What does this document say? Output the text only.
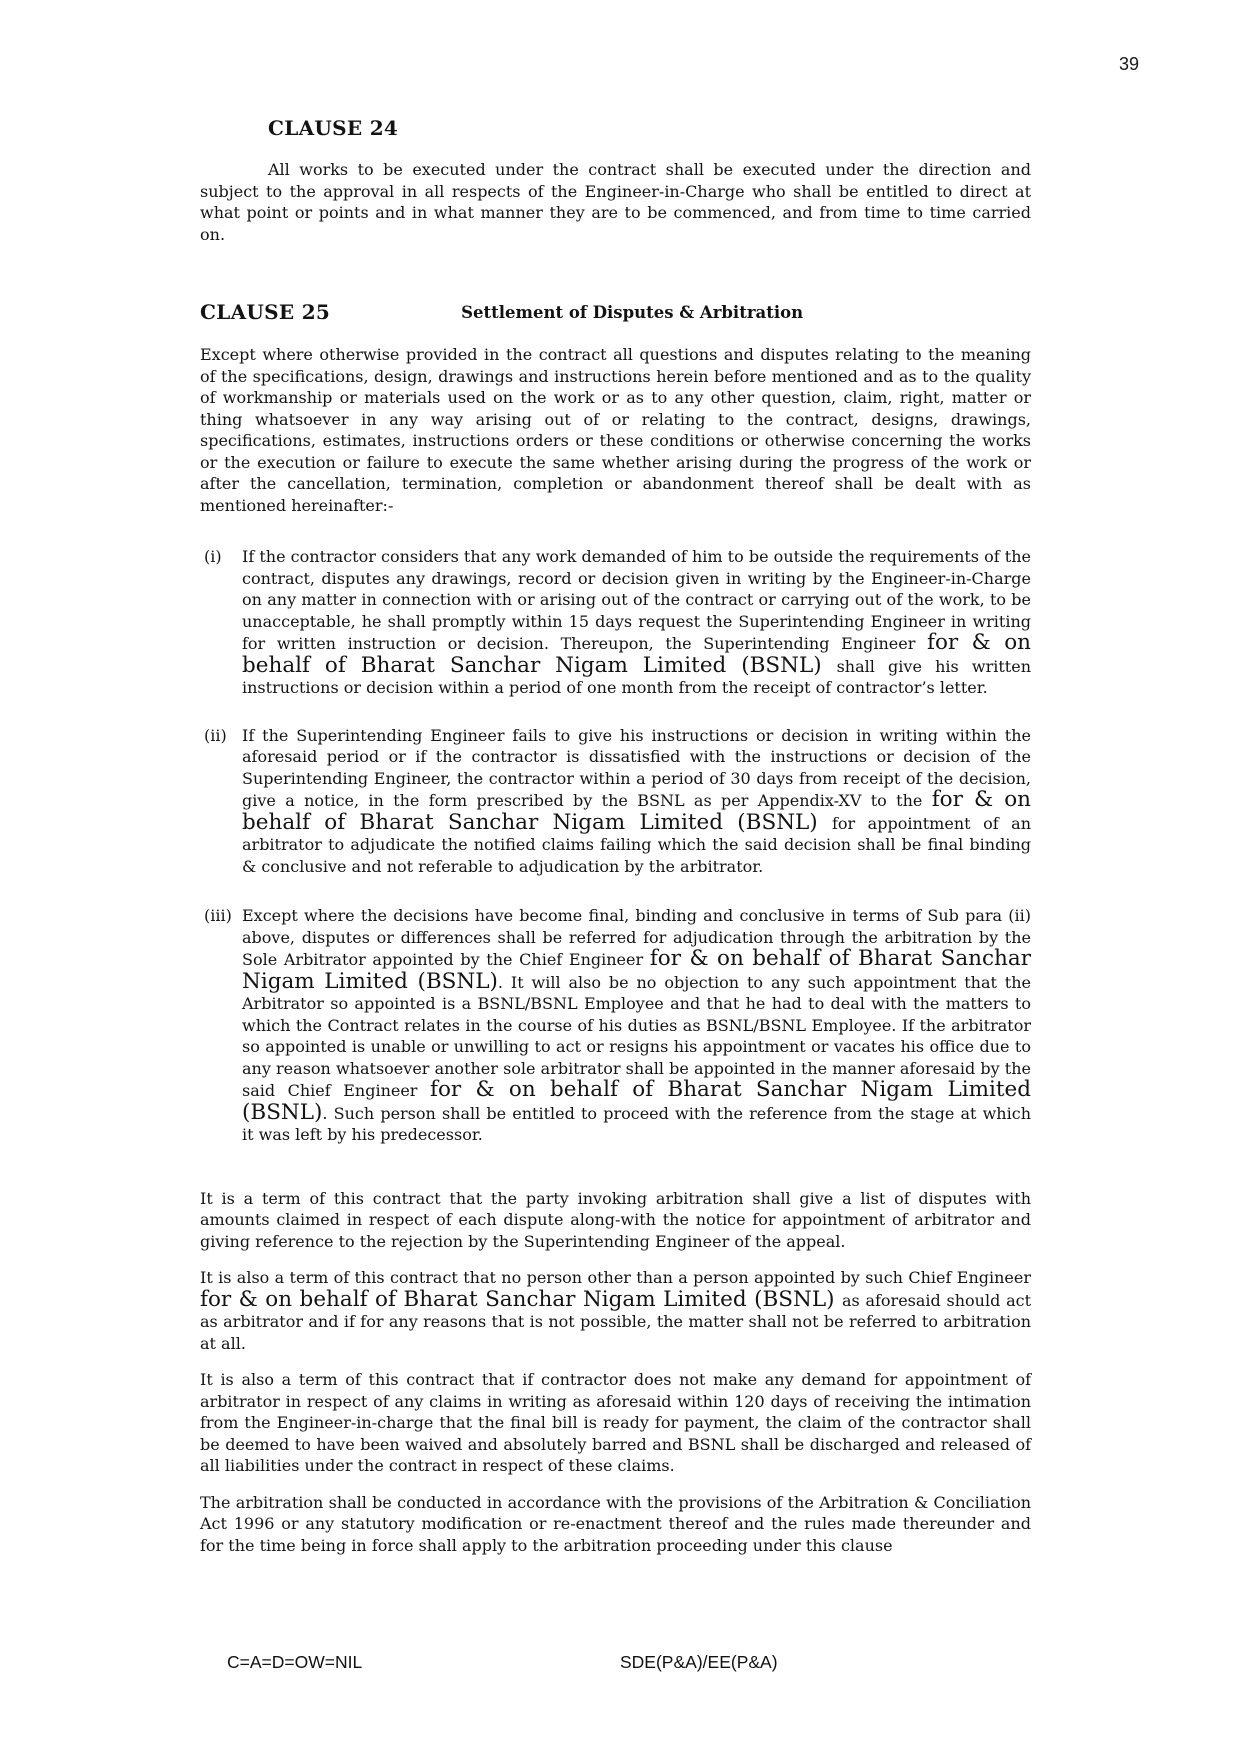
39
CLAUSE 24

All works to be executed under the contract shall be executed under the direction and subject to the approval in all respects of the Engineer-in-Charge who shall be entitled to direct at what point or points and in what manner they are to be commenced, and from time to time carried on.

CLAUSE 25	Settlement of Disputes & Arbitration

Except where otherwise provided in the contract all questions and disputes relating to the meaning of the specifications, design, drawings and instructions herein before mentioned and as to the quality of workmanship or materials used on the work or as to any other question, claim, right, matter or thing whatsoever in any way arising out of or relating to the contract, designs, drawings, specifications, estimates, instructions orders or these conditions or otherwise concerning the works or the execution or failure to execute the same whether arising during the progress of the work or after the cancellation, termination, completion or abandonment thereof shall be dealt with as mentioned hereinafter:-

(i)	If the contractor considers that any work demanded of him to be outside the requirements of the contract, disputes any drawings, record or decision given in writing by the Engineer-in-Charge on any matter in connection with or arising out of the contract or carrying out of the work, to be unacceptable, he shall promptly within 15 days request the Superintending Engineer in writing for written instruction or decision. Thereupon, the Superintending Engineer for & on behalf of Bharat Sanchar Nigam Limited (BSNL) shall give his written instructions or decision within a period of one month from the receipt of contractor’s letter.
(ii) If the Superintending Engineer fails to give his instructions or decision in writing within the aforesaid period or if the contractor is dissatisfied with the instructions or decision of the Superintending Engineer, the contractor within a period of 30 days from receipt of the decision, give a notice, in the form prescribed by the BSNL as per Appendix-XV to the for & on behalf of Bharat Sanchar Nigam Limited (BSNL) for appointment of an arbitrator to adjudicate the notified claims failing which the said decision shall be final binding & conclusive and not referable to adjudication by the arbitrator.
(iii) Except where the decisions have become final, binding and conclusive in terms of Sub para (ii) above, disputes or differences shall be referred for adjudication through the arbitration by the Sole Arbitrator appointed by the Chief Engineer for & on behalf of Bharat Sanchar Nigam Limited (BSNL). It will also be no objection to any such appointment that the Arbitrator so appointed is a BSNL/BSNL Employee and that he had to deal with the matters to which the Contract relates in the course of his duties as BSNL/BSNL Employee. If the arbitrator so appointed is unable or unwilling to act or resigns his appointment or vacates his office due to any reason whatsoever another sole arbitrator shall be appointed in the manner aforesaid by the said Chief Engineer for & on behalf of Bharat Sanchar Nigam Limited (BSNL). Such person shall be entitled to proceed with the reference from the stage at which it was left by his predecessor.

It is a term of this contract that the party invoking arbitration shall give a list of disputes with amounts claimed in respect of each dispute along-with the notice for appointment of arbitrator and giving reference to the rejection by the Superintending Engineer of the appeal.

It is also a term of this contract that no person other than a person appointed by such Chief Engineer for & on behalf of Bharat Sanchar Nigam Limited (BSNL) as aforesaid should act as arbitrator and if for any reasons that is not possible, the matter shall not be referred to arbitration at all.

It is also a term of this contract that if contractor does not make any demand for appointment of arbitrator in respect of any claims in writing as aforesaid within 120 days of receiving the intimation from the Engineer-in-charge that the final bill is ready for payment, the claim of the contractor shall be deemed to have been waived and absolutely barred and BSNL shall be discharged and released of all liabilities under the contract in respect of these claims.

The arbitration shall be conducted in accordance with the provisions of the Arbitration & Conciliation Act 1996 or any statutory modification or re-enactment thereof and the rules made thereunder and for the time being in force shall apply to the arbitration proceeding under this clause

C=A=D=OW=NIL	SDE(P&A)/EE(P&A)
